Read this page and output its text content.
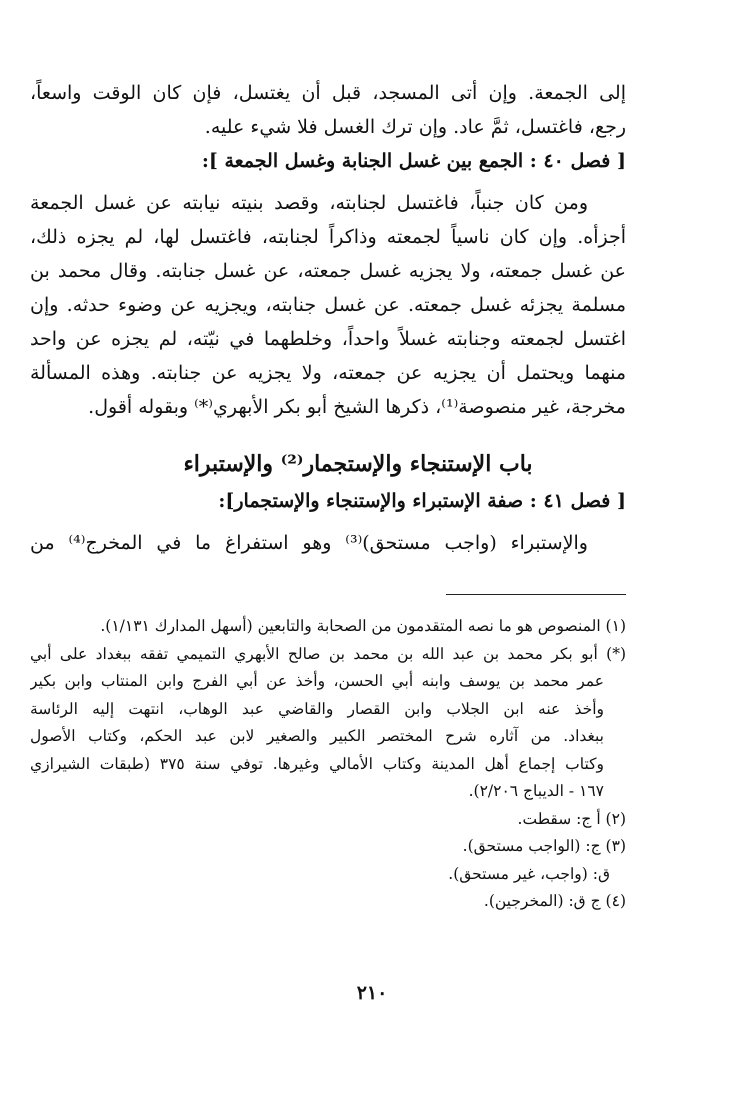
إلى الجمعة. وإن أتى المسجد، قبل أن يغتسل، فإن كان الوقت واسعاً،
رجع، فاغتسل، ثمَّ عاد. وإن ترك الغسل فلا شيء عليه.
[ فصل ٤٠ : الجمع بين غسل الجنابة وغسل الجمعة ]:
ومن كان جنباً، فاغتسل لجنابته، وقصد بنيته نيابته عن غسل الجمعة
أجزأه. وإن كان ناسياً لجمعته وذاكراً لجنابته، فاغتسل لها، لم يجزه ذلك،
عن غسل جمعته، ولا يجزيه غسل جمعته، عن غسل جنابته. وقال محمد بن
مسلمة يجزئه غسل جمعته. عن غسل جنابته، ويجزيه عن وضوء حدثه. وإن
اغتسل لجمعته وجنابته غسلاً واحداً، وخلطهما في نيّته، لم يجزه عن واحد
منهما ويحتمل أن يجزيه عن جمعته، ولا يجزيه عن جنابته. وهذه المسألة
مخرجة، غير منصوصة⁽¹⁾، ذكرها الشيخ أبو بكر الأبهري⁽*⁾ وبقوله أقول.
باب الإستنجاء والإستجمار⁽²⁾ والإستبراء
[ فصل ٤١ : صفة الإستبراء والإستنجاء والإستجمار]:
والإستبراء (واجب مستحق)⁽³⁾ وهو استفراغ ما في المخرج⁽⁴⁾ من
(١) المنصوص هو ما نصه المتقدمون من الصحابة والتابعين (أسهل المدارك ١/١٣١).
(*) أبو بكر محمد بن عبد الله بن محمد بن صالح الأبهري التميمي تفقه ببغداد على أبي
عمر محمد بن يوسف وابنه أبي الحسن، وأخذ عن أبي الفرج وابن المنتاب وابن بكير
وأخذ عنه ابن الجلاب وابن القصار والقاضي عبد الوهاب، انتهت إليه الرئاسة
ببغداد. من آثاره شرح المختصر الكبير والصغير لابن عبد الحكم، وكتاب الأصول
وكتاب إجماع أهل المدينة وكتاب الأمالي وغيرها. توفي سنة ٣٧٥ (طبقات الشيرازي
١٦٧ - الديباج ٢/٢٠٦).
(٢) أ ج: سقطت.
(٣) ج: (الواجب مستحق).
ق: (واجب، غير مستحق).
(٤) ج ق: (المخرجين).
٢١٠
